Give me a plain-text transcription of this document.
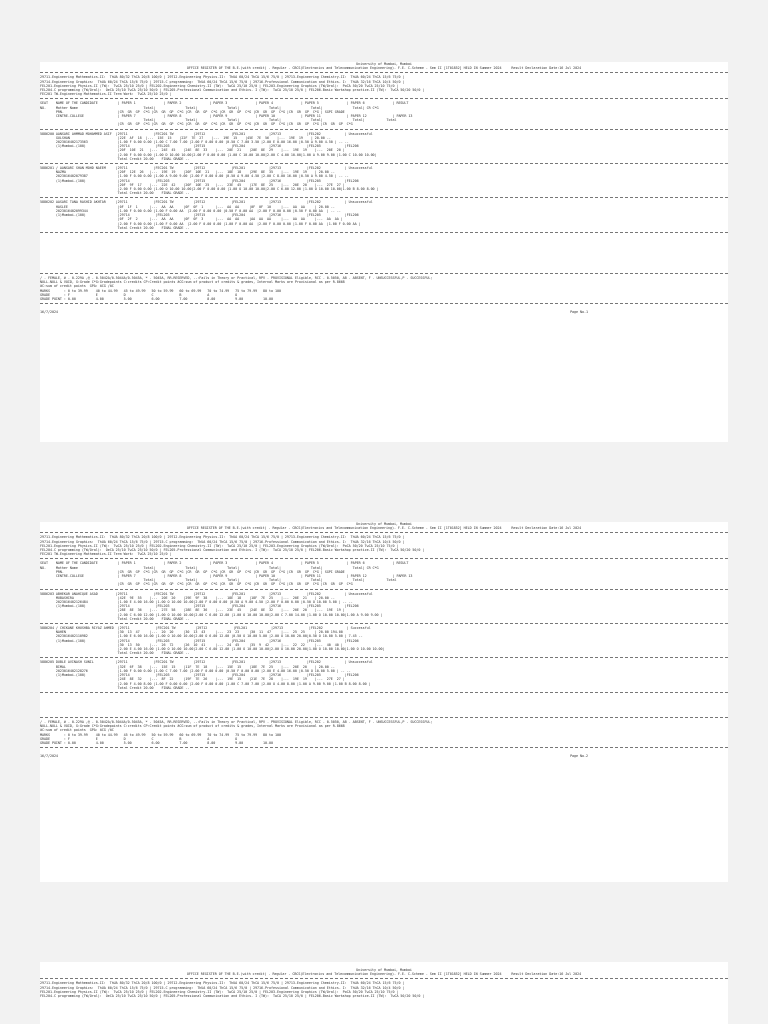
University of Mumbai, Mumbai
OFFICE REGISTER OF THE B.E.(with credit) - Regular - CBCS(Electronics and Telecommunication Engineering)- F.E. C-Scheme - Sem II [1T01852] HELD IN Summer 2024     Result Declaration Date:16 Jul 2024
29711-Engineering Mathematics-II:  ThUA 80/32 ThCA 20/8 100/0 | 29712-Engineering Physics-II:  ThUA 60/24 ThCA 15/6 75/0 | 29713-Engineering Chemistry-II:  ThUA 60/24 ThCA 15/6 75/0 |
29714-Engineering Graphics:  ThUA 60/24 ThCA 15/6 75/0 | 29715-C programming:  ThUA 60/24 ThCA 15/6 75/0 | 29716-Professional Communication and Ethics- I:  ThUA 32/16 ThCA 10/4 50/0 |
FEL201-Engineering Physics-II (TW):  TwCA 25/10 25/0 | FEL202-Engineering Chemistry-II (TW):  TwCA 25/10 25/0 | FEL203-Engineering Graphics (TW/Oral):  PoCA 50/20 TwCA 25/10 75/0 |
FEL204-C programming (TW/Oral):  OeCA 25/10 TwCA 25/10 50/0 | FEL205-Professional Communication and Ethics- I (TW):  TwCA 25/10 25/0 | FEL206-Basic Workshop practice-II (TW):  TwCA 50/20 50/0 |
FEC201 TW-Engineering Mathematics-II Term Work:  TwCA 25/10 25/0 |
SEAT    NAME OF THE CANDIDATE          | PAPER 1              | PAPER 2              | PAPER 3              | PAPER 4              | PAPER 5              | PAPER 6              | RESULT
NO.     Mother Name                                 Total|               Total|               Total|               Total|               Total|               Total| CR C*G
PRN.                           |CR  GR  GP  C*G |CR  GR  GP  C*G |CR  GR  GP  C*G |CR  GR  GP  C*G |CR  GR  GP  C*G |CR  GR  GP  C*G | SGPI GRADE
CENTRE-COLLEGE                 | PAPER 7              | PAPER 8              | PAPER 9              | PAPER 10             | PAPER 11             | PAPER 12             | PAPER 13
Total|               Total|               Total|               Total|               Total|               Total|           Total
|CR  GR  GP  C*G |CR  GR  GP  C*G |CR  GR  GP  C*G |CR  GR  GP  C*G |CR  GR  GP  C*G |CR  GR  GP  C*G |CR  GR  GP  C*G
5886200 AANSARI AHMMAD MOHAMMED ASIF  |29711             |FEC201 TW          |29712             |FEL201            |29713             |FEL202            | Unsuccessful
GULSHAN                        |22E  AF  18  |---  15E  15    |22F  7E  27    |---  19E  15    |45E  7E  56    |---  19E  19    | 20.00 --
2023016402173563               |1.00 F 0.00 0.00 |1.00 C 7.00 7.00 |2.00 F 0.00 0.00 |0.50 C 7.00 3.50 |2.00 E 0.00 16.00 |0.50 A 9.00 4.50 | -- --
(1)Mumbai-(100)                |29714             |FEL203            |29715             |FEL204            |29716             |FEL205            |FEL206
|20F  10E  21   |---  24E  45    |24E  8E  33    |---  20E  21    |20E  8E  29    |---  19E  19    |---  20E  20 |
|2.00 F 0.00 0.00 |1.00 D 10.00 10.00|2.00 F 0.00 0.00 |1.00 C 10.00 10.00|2.00 C 4.00 10.00|1.00 A 9.00 9.00 |1.00 C 10.00 10.00|
Total Credit 20.00    FINAL GRADE --
5886201 / AANSARI SHAN MOHD NAEEM     |29711             |FEC201 TW          |29712             |FEL201            |29713             |FEL202            | Unsuccessful
NAZMA                          |20F  12E  26   |---  19E  19    |20F  10E  21   |---  18E  18    |29E  8E  35    |---  19E  19    | 20.00 --
2023016402079387               |1.00 F 0.00 0.00 |1.00 A 9.00 9.00 |2.00 F 0.00 0.00 |0.50 A 9.00 4.50 |2.00 C 8.00 16.00 |0.50 A 9.00 4.50 | -- --
(1)Mumbai-(100)                |29714             |FEL203            |29715             |FEL204            |29716             |FEL205            |FEL206
|20F  9F  17    |---  22E  42    |20F  10E  25   |---  23E  45    |17E  8E  25    |---  20E  20    |---  27E  27 |
|2.00 F 0.00 0.00 |1.00 O 10.00 10.00|2.00 F 0.00 0.00 |1.00 O 10.00 10.00|2.00 C 6.00 12.00 |1.00 O 10.00 10.00|1.00 B 8.00 8.00 |
Total Credit 20.00    FINAL GRADE --
5886202 AASARI TANA RASHID AKHTAR     |29711             |FEC201 TW          |29712             |FEL201            |29713             |FEL202            | Unsuccessful
HASLEE                         |0F  1F  1      |---  AA  AA     |0F  0F  1      |---  AA  AA     |0F  0F  10     |---  AA  AA     | 20.00 --
2023016402099344               |1.00 F 0.00 0.00 |1.00 F 0.00 AA  |2.00 F 0.00 0.00 |0.50 F 0.00 AA  |2.00 F 0.00 0.00 |0.50 F 0.00 AA  | -- --
(1)Mumbai-(100)                |29714             |FEL203            |29715             |FEL204            |29716             |FEL205            |FEL206
|0F  2F  2      |---  AA  AA     |0F  0F  3      |---  AA  AA     |AA  AA  AA     |---  AA  AA     |---  AA  AA |
|2.00 F 0.00 0.00 |1.00 F 0.00 AA  |2.00 F 0.00 0.00 |1.00 F 0.00 AA  |2.00 F 0.00 0.00 |1.00 F 0.00 AA  |1.00 F 0.00 AA |
Total Credit 20.00    FINAL GRADE --
/ - FEMALE, # - 0.229A ,@ - 0.5042A/0.5044A/0.5045A, * - 5045A, RR-RESERVED, --:Fails in Theory or Practical, RPV - PROVISIONAL Eligible, RCC - 0.5050, AB - ABSENT, F - UNSUCCESSFUL,P - SUCCESSFUL;
NULL-NULL & VOID, G:Grade C*G:Gradepoints C:credits CP:Credit points äCG:sum of product of credits & grades, Internal Marks are Provisional as per R.8668
äC:sum of credit points  GPA: äCG /äC
MARKS       : 0 to 39.99    40 to 44.99   45 to 49.99   50 to 59.99   60 to 69.99   70 to 74.99   75 to 79.99   80 to 100
GRADE       : F             E             D             C             B             A             O
GRADE POINT : 0.00          4.00          5.00          6.00          7.00          8.00          9.00          10.00
16/7/2024	Page No.1
University of Mumbai, Mumbai
OFFICE REGISTER OF THE B.E.(with credit) - Regular - CBCS(Electronics and Telecommunication Engineering)- F.E. C-Scheme - Sem II [1T01852] HELD IN Summer 2024     Result Declaration Date:16 Jul 2024
29711-Engineering Mathematics-II:  ThUA 80/32 ThCA 20/8 100/0 | 29712-Engineering Physics-II:  ThUA 60/24 ThCA 15/6 75/0 | 29713-Engineering Chemistry-II:  ThUA 60/24 ThCA 15/6 75/0 |
29714-Engineering Graphics:  ThUA 60/24 ThCA 15/6 75/0 | 29715-C programming:  ThUA 60/24 ThCA 15/6 75/0 | 29716-Professional Communication and Ethics- I:  ThUA 32/16 ThCA 10/4 50/0 |
FEL201-Engineering Physics-II (TW):  TwCA 25/10 25/0 | FEL202-Engineering Chemistry-II (TW):  TwCA 25/10 25/0 | FEL203-Engineering Graphics (TW/Oral):  PoCA 50/20 TwCA 25/10 75/0 |
FEL204-C programming (TW/Oral):  OeCA 25/10 TwCA 25/10 50/0 | FEL205-Professional Communication and Ethics- I (TW):  TwCA 25/10 25/0 | FEL206-Basic Workshop practice-II (TW):  TwCA 50/20 50/0 |
FEC201 TW-Engineering Mathematics-II Term Work:  TwCA 25/10 25/0 |
SEAT    NAME OF THE CANDIDATE          | PAPER 1              | PAPER 2              | PAPER 3              | PAPER 4              | PAPER 5              | PAPER 6              | RESULT
NO.     Mother Name                                 Total|               Total|               Total|               Total|               Total|               Total| CR C*G
PRN.                           |CR  GR  GP  C*G |CR  GR  GP  C*G |CR  GR  GP  C*G |CR  GR  GP  C*G |CR  GR  GP  C*G |CR  GR  GP  C*G | SGPI GRADE
CENTRE-COLLEGE                 | PAPER 7              | PAPER 8              | PAPER 9              | PAPER 10             | PAPER 11             | PAPER 12             | PAPER 13
Total|               Total|               Total|               Total|               Total|               Total|           Total
|CR  GR  GP  C*G |CR  GR  GP  C*G |CR  GR  GP  C*G |CR  GR  GP  C*G |CR  GR  GP  C*G |CR  GR  GP  C*G |CR  GR  GP  C*G
5886203 ABHEKAR ANAHIQUE ASAD         |29711             |FEC201 TW          |29712             |FEL201            |29713             |FEL202            | Unsuccessful
MUBASHIRA                      |42E  9E  55    |---  20E  20    |29E  9F  38    |---  18E  18    |18F  7E  25    |---  20E  21    | 20.00 --
2023016402126484               |1.00 E 4.00 16.00 |1.00 O 10.00 10.00|2.00 F 0.00 0.00 |0.50 A 9.00 4.50 |2.00 F 0.00 0.00 |0.50 O 10.00 5.00 | -- --
(1)Mumbai-(100)                |29714             |FEL203            |29715             |FEL204            |29716             |FEL205            |FEL206
|28E  8E  36    |---  27E  58    |28E  8E  36    |---  23E  45    |24E  8E  32    |---  20E  20    |---  19E  19 |
|2.00 C 6.00 12.00 |1.00 O 10.00 10.00|2.00 C 6.00 12.00 |1.00 O 10.00 10.00|2.00 C 7.00 14.00 |1.00 O 10.00 10.00|1.00 A 9.00 9.00 |
Total Credit 20.00    FINAL GRADE --
5886204 / CHIKANE KHUSHBA RIYAZ AHMED  |29711             |FEC201 TW          |29712             |FEL201            |29713             |FEL202            | Successful
NAHEN                          |30  13  47     |---  20  20     |30  13  43     |---  23  23     |30  11  47     |---  25  25     | 20.00 194.00
2023016402110982               |1.00 E 6.00 16.00 |1.00 O 10.00 10.00|2.00 O 6.00 12.00 |0.50 O 10.00 5.00 |2.00 O 10.00 20.00|0.50 O 10.00 5.00 | 7.45 --
(1)Mumbai-(100)                |29714             |FEL203            |29715             |FEL204            |29716             |FEL205            |FEL206
|30  13  50     |---  26  72     |26  10  41     |---  24  45     |35  9  42      |---  22  22     |---  40  40 |
|2.00 E 4.00 16.00 |1.00 O 10.00 10.00|2.00 C 6.00 12.00 |1.00 O 10.00 10.00|2.00 O 10.00 20.00|1.00 O 10.00 10.00|1.00 O 10.00 10.00|
Total Credit 20.00    FINAL GRADE --
5886205 DUBLE AVINASH SUNIL           |29711             |FEC201 TW          |29712             |FEL201            |29713             |FEL202            | Unsuccessful
BIMAL                          |32E  6F  38    |---  15E  15    |11F  7E  18    |---  15E  15    |18E  7E  25    |---  20E  20    | 20.00 --
2023016402128276               |1.00 F 0.00 0.00 |1.00 C 7.00 7.00 |2.00 F 0.00 0.00 |0.50 F 0.00 0.00 |2.00 E 4.00 16.00 |0.50 O 10.00 5.00 | -- --
(1)Mumbai-(100)                |29714             |FEL203            |29715             |FEL204            |29716             |FEL205            |FEL206
|24E  8E  32    |---  8F  22     |19F  7E  26    |---  19E  15    |21E  7E  28    |---  19E  19    |---  27E  27 |
|2.00 F 4.00 8.00 |1.00 F 0.00 0.00 |2.00 F 0.00 0.00 |1.00 C 7.00 7.00 |2.00 O 4.00 8.00 |1.00 A 9.00 9.00 |1.00 B 8.00 8.00 |
Total Credit 20.00    FINAL GRADE --
/ - FEMALE, # - 0.229A ,@ - 0.5042A/0.5044A/0.5045A, * - 5045A, RR-RESERVED, --:Fails in Theory or Practical, RPV - PROVISIONAL Eligible, RCC - 0.5050, AB - ABSENT, F - UNSUCCESSFUL,P - SUCCESSFUL;
NULL-NULL & VOID, G:Grade C*G:Gradepoints C:credits CP:Credit points äCG:sum of product of credits & grades, Internal Marks are Provisional as per R.8668
äC:sum of credit points  GPA: äCG /äC
MARKS       : 0 to 39.99    40 to 44.99   45 to 49.99   50 to 59.99   60 to 69.99   70 to 74.99   75 to 79.99   80 to 100
GRADE       : F             E             D             C             B             A             O
GRADE POINT : 0.00          4.00          5.00          6.00          7.00          8.00          9.00          10.00
16/7/2024	Page No.2
University of Mumbai, Mumbai
OFFICE REGISTER OF THE B.E.(with credit) - Regular - CBCS(Electronics and Telecommunication Engineering)- F.E. C-Scheme - Sem II [1T01852] HELD IN Summer 2024     Result Declaration Date:16 Jul 2024
29711-Engineering Mathematics-II:  ThUA 80/32 ThCA 20/8 100/0 | 29712-Engineering Physics-II:  ThUA 60/24 ThCA 15/6 75/0 | 29713-Engineering Chemistry-II:  ThUA 60/24 ThCA 15/6 75/0 |
29714-Engineering Graphics:  ThUA 60/24 ThCA 15/6 75/0 | 29715-C programming:  ThUA 60/24 ThCA 15/6 75/0 | 29716-Professional Communication and Ethics- I:  ThUA 32/16 ThCA 10/4 50/0 |
FEL201-Engineering Physics-II (TW):  TwCA 25/10 25/0 | FEL202-Engineering Chemistry-II (TW):  TwCA 25/10 25/0 | FEL203-Engineering Graphics (TW/Oral):  PoCA 50/20 TwCA 25/10 75/0 |
FEL204-C programming (TW/Oral):  OeCA 25/10 TwCA 25/10 50/0 | FEL205-Professional Communication and Ethics- I (TW):  TwCA 25/10 25/0 | FEL206-Basic Workshop practice-II (TW):  TwCA 50/20 50/0 |
